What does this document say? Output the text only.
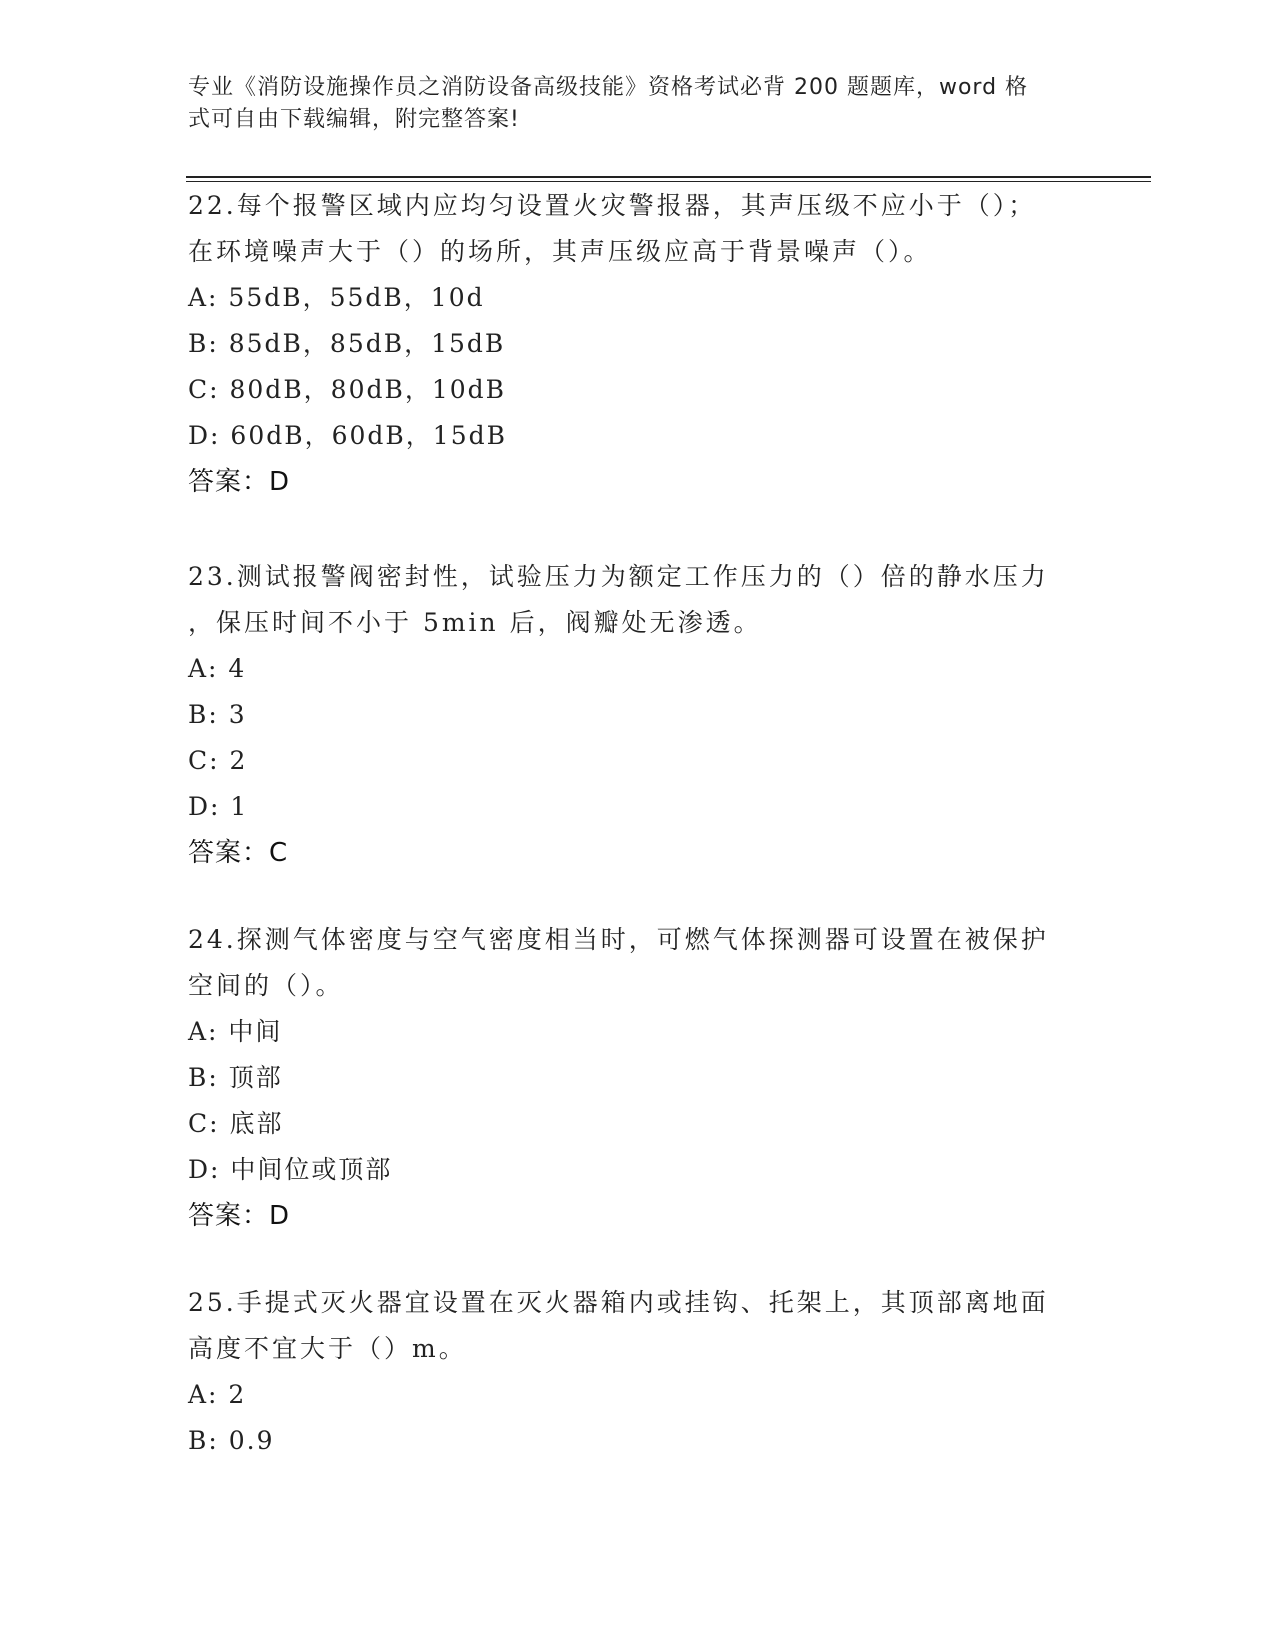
专业《消防设施操作员之消防设备高级技能》资格考试必背 200 题题库，word 格
式可自由下载编辑，附完整答案!

22.每个报警区域内应均匀设置火灾警报器，其声压级不应小于（）；

在环境噪声大于（）的场所，其声压级应高于背景噪声（）。

A: 55dB，55dB，10d

B: 85dB，85dB，15dB

C: 80dB，80dB，10dB

D: 60dB，60dB，15dB

答案：D

23.测试报警阀密封性，试验压力为额定工作压力的（）倍的静水压力

，保压时间不小于 5min 后，阀瓣处无渗透。

A: 4

B: 3

C: 2

D: 1

答案：C

24.探测气体密度与空气密度相当时，可燃气体探测器可设置在被保护

空间的（）。

A: 中间

B: 顶部

C: 底部

D: 中间位或顶部

答案：D

25.手提式灭火器宜设置在灭火器箱内或挂钩、托架上，其顶部离地面

高度不宜大于（）m。

A: 2

B: 0.9
